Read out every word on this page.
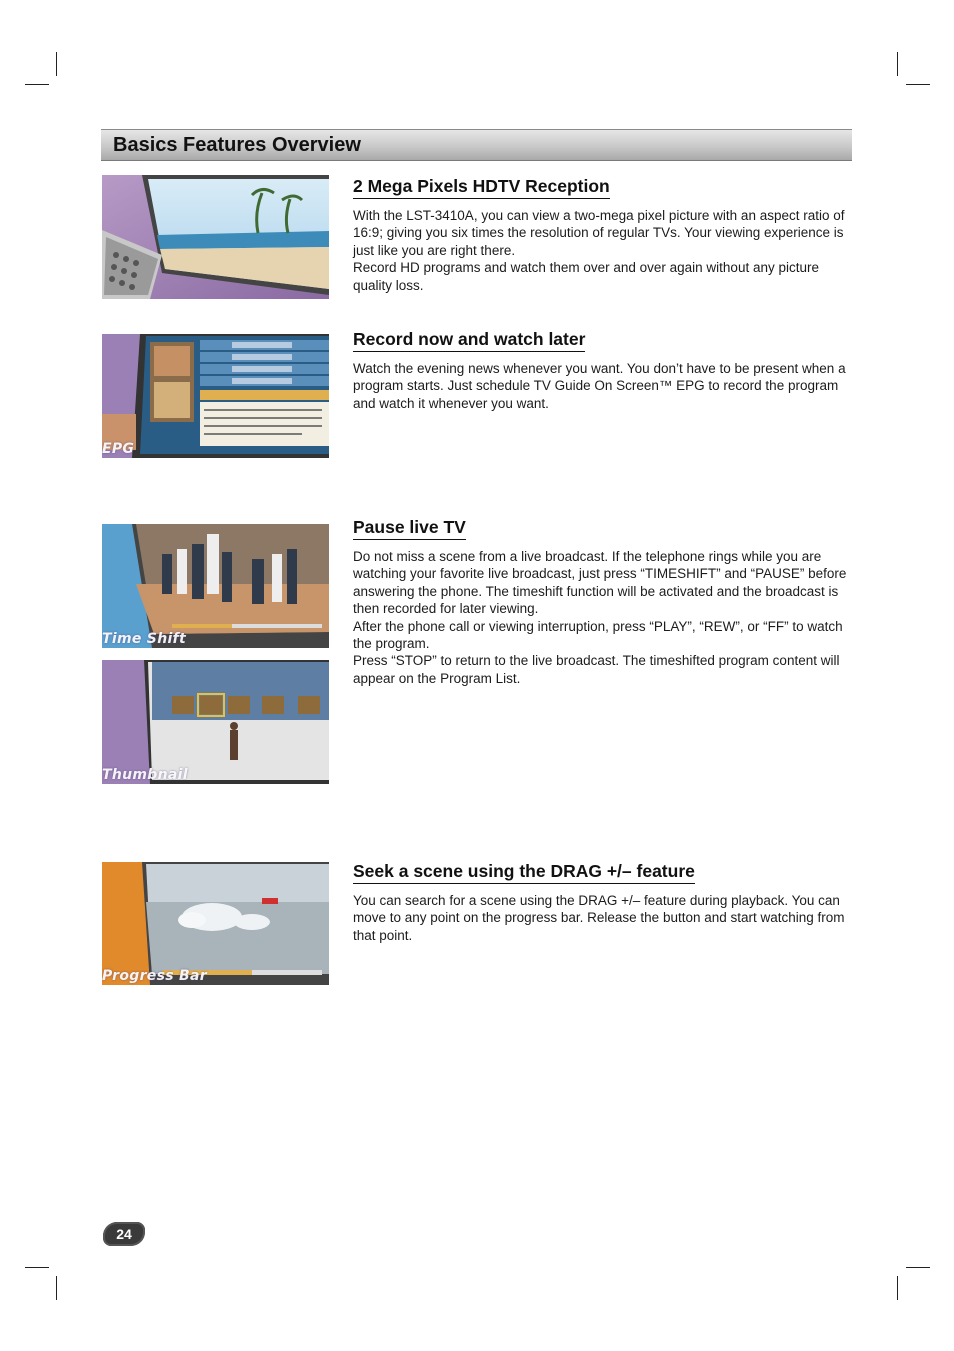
Basics Features Overview
2 Mega Pixels HDTV Reception

With the LST-3410A, you can view a two-mega pixel picture with an aspect ratio of 16:9; giving you six times the resolution of regular TVs. Your viewing experience is just like you are right there.

Record HD programs and watch them over and over again without any picture quality loss.

EPG
Record now and watch later

Watch the evening news whenever you want. You don’t have to be present when a program starts. Just schedule TV Guide On Screen™ EPG to record the program and watch it whenever you want.

Time Shift
Thumbnail
Pause live TV

Do not miss a scene from a live broadcast. If the telephone rings while you are watching your favorite live broadcast, just press “TIMESHIFT” and “PAUSE” before answering the phone. The timeshift function will be activated and the broadcast is then recorded for later viewing.

After the phone call or viewing interruption, press “PLAY”, “REW”, or “FF” to watch the program.

Press “STOP” to return to the live broadcast. The timeshifted program content will appear on the Program List.

Progress Bar
Seek a scene using the DRAG +/– feature

You can search for a scene using the DRAG +/– feature during playback. You can move to any point on the progress bar. Release the button and start watching from that point.

24
